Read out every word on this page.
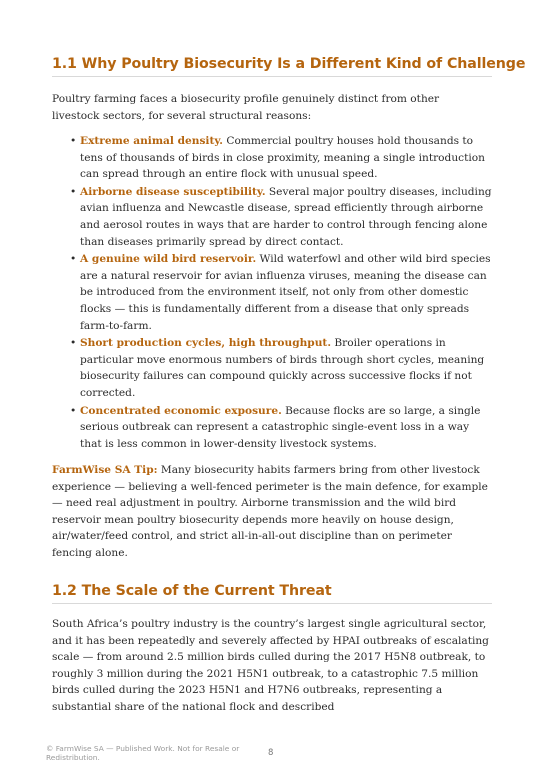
1.1 Why Poultry Biosecurity Is a Different Kind of Challenge

Poultry farming faces a biosecurity profile genuinely distinct from other livestock sectors, for several structural reasons:

• Extreme animal density. Commercial poultry houses hold thousands to tens of thousands of birds in close proximity, meaning a single introduction can spread through an entire flock with unusual speed.
• Airborne disease susceptibility. Several major poultry diseases, including avian influenza and Newcastle disease, spread efficiently through airborne and aerosol routes in ways that are harder to control through fencing alone than diseases primarily spread by direct contact.
• A genuine wild bird reservoir. Wild waterfowl and other wild bird species are a natural reservoir for avian influenza viruses, meaning the disease can be introduced from the environment itself, not only from other domestic flocks — this is fundamentally different from a disease that only spreads farm-to-farm.
• Short production cycles, high throughput. Broiler operations in particular move enormous numbers of birds through short cycles, meaning biosecurity failures can compound quickly across successive flocks if not corrected.
• Concentrated economic exposure. Because flocks are so large, a single serious outbreak can represent a catastrophic single-event loss in a way that is less common in lower-density livestock systems.

FarmWise SA Tip: Many biosecurity habits farmers bring from other livestock experience — believing a well-fenced perimeter is the main defence, for example — need real adjustment in poultry. Airborne transmission and the wild bird reservoir mean poultry biosecurity depends more heavily on house design, air/water/feed control, and strict all-in-all-out discipline than on perimeter fencing alone.

1.2 The Scale of the Current Threat

South Africa’s poultry industry is the country’s largest single agricultural sector, and it has been repeatedly and severely affected by HPAI outbreaks of escalating scale — from around 2.5 million birds culled during the 2017 H5N8 outbreak, to roughly 3 million during the 2021 H5N1 outbreak, to a catastrophic 7.5 million birds culled during the 2023 H5N1 and H7N6 outbreaks, representing a substantial share of the national flock and described

© FarmWise SA — Published Work. Not for Resale or Redistribution.	8
